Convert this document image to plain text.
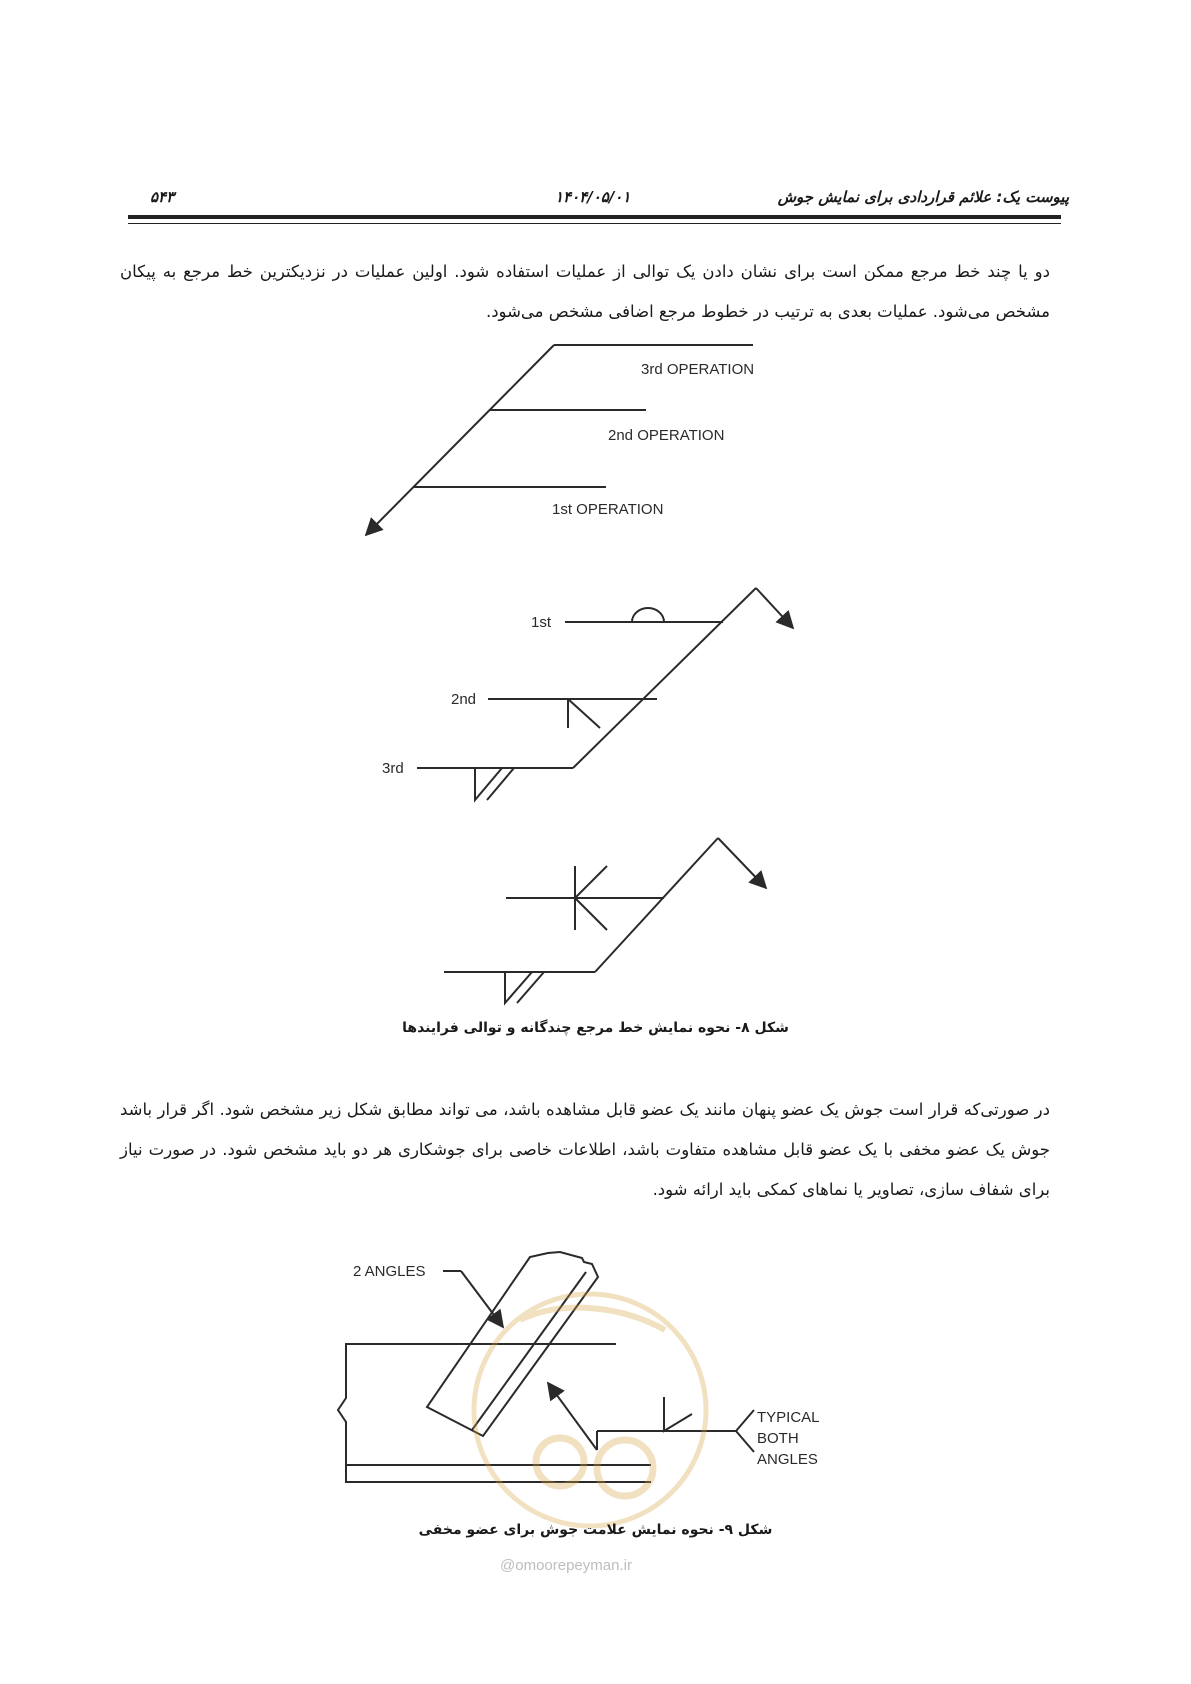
پیوست یک: علائم قراردادی برای نمایش جوش
۱۴۰۴/۰۵/۰۱
۵۴۳
دو یا چند خط مرجع ممکن است برای نشان دادن یک توالی از عملیات استفاده شود. اولین عملیات در نزدیکترین خط مرجع به پیکان مشخص می‌شود. عملیات بعدی به ترتیب در خطوط مرجع اضافی مشخص می‌شود.
3rd OPERATION
2nd OPERATION
1st OPERATION
1st
2nd
3rd
2 ANGLES
TYPICAL
BOTH
ANGLES
شکل ۸- نحوه نمایش خط مرجع چندگانه و توالی فرایندها
در صورتی‌که قرار است جوش یک عضو پنهان مانند یک عضو قابل مشاهده باشد، می تواند مطابق شکل زیر مشخص شود. اگر قرار باشد جوش یک عضو مخفی با یک عضو قابل مشاهده متفاوت باشد، اطلاعات خاصی برای جوشکاری هر دو باید مشخص شود. در صورت نیاز برای شفاف سازی، تصاویر یا نماهای کمکی باید ارائه شود.
شکل ۹- نحوه نمایش علامت جوش برای عضو مخفی
@omoorepeyman.ir
